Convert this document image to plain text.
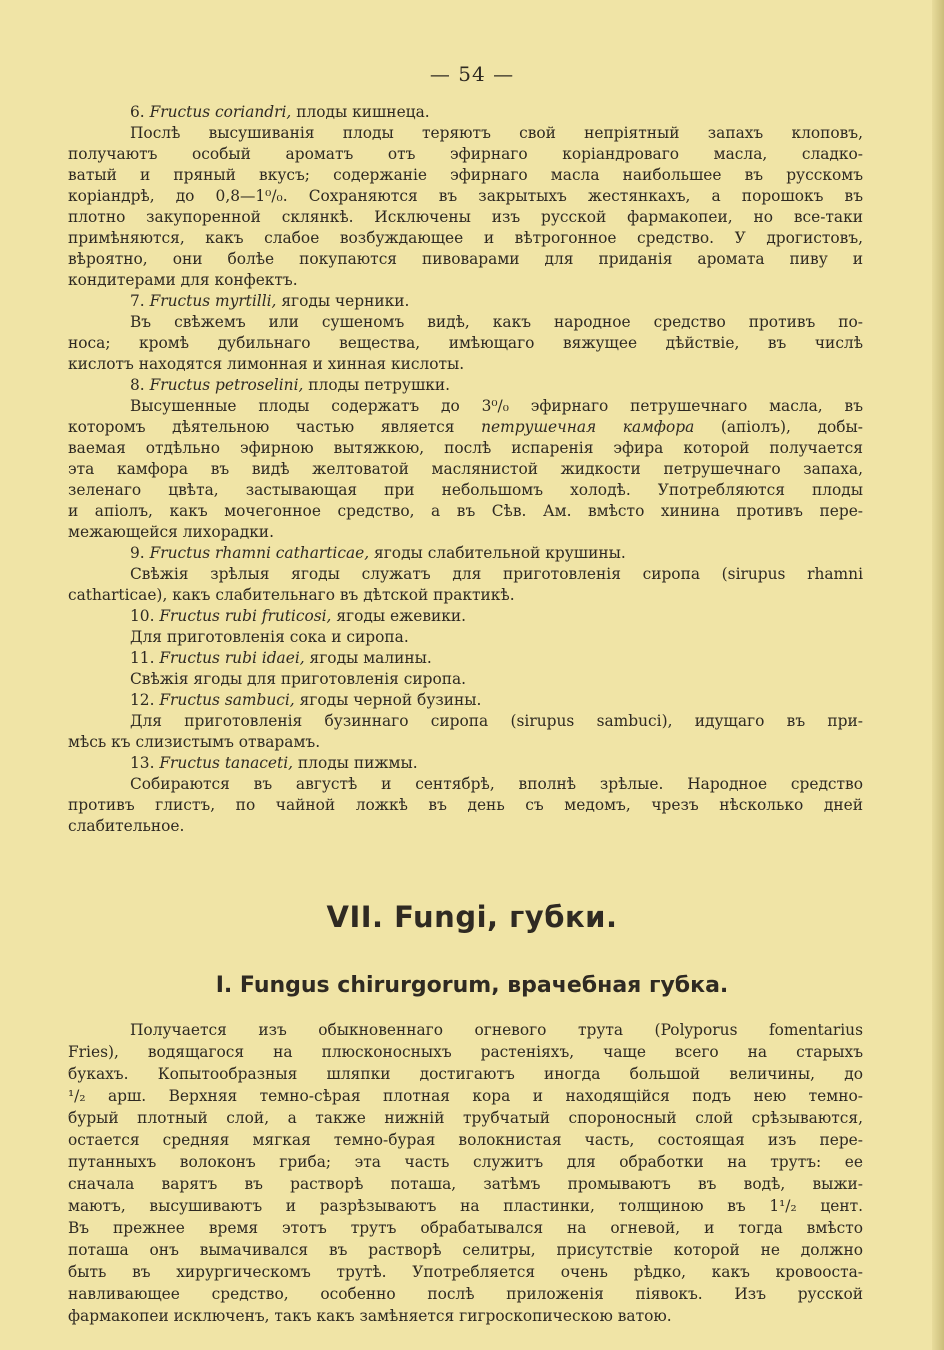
— 54 —
6. Fructus coriandri, плоды кишнеца.
Послѣ высушиванія плоды теряютъ свой непріятный запахъ клоповъ,
получаютъ особый ароматъ отъ эфирнаго коріандроваго масла, сладко-
ватый и пряный вкусъ; содержаніе эфирнаго масла наибольшее въ русскомъ
коріандрѣ, до 0,8—1⁰/₀. Сохраняются въ закрытыхъ жестянкахъ, а порошокъ въ
плотно закупоренной склянкѣ. Исключены изъ русской фармакопеи, но все-таки
примѣняются, какъ слабое возбуждающее и вѣтрогонное средство. У дрогистовъ,
вѣроятно, они болѣе покупаются пивоварами для приданія аромата пиву и
кондитерами для конфектъ.
7. Fructus myrtilli, ягоды черники.
Въ свѣжемъ или сушеномъ видѣ, какъ народное средство противъ по-
носа; кромѣ дубильнаго вещества, имѣющаго вяжущее дѣйствіе, въ числѣ
кислотъ находятся лимонная и хинная кислоты.
8. Fructus petroselini, плоды петрушки.
Высушенные плоды содержатъ до 3⁰/₀ эфирнаго петрушечнаго масла, въ
которомъ дѣятельною частью является петрушечная камфора (апіолъ), добы-
ваемая отдѣльно эфирною вытяжкою, послѣ испаренія эфира которой получается
эта камфора въ видѣ желтоватой маслянистой жидкости петрушечнаго запаха,
зеленаго цвѣта, застывающая при небольшомъ холодѣ. Употребляются плоды
и апіолъ, какъ мочегонное средство, а въ Сѣв. Ам. вмѣсто хинина противъ пере-
межающейся лихорадки.
9. Fructus rhamni catharticae, ягоды слабительной крушины.
Свѣжія зрѣлыя ягоды служатъ для приготовленія сиропа (sirupus rhamni
catharticae), какъ слабительнаго въ дѣтской практикѣ.
10. Fructus rubi fruticosi, ягоды ежевики.
Для приготовленія сока и сиропа.
11. Fructus rubi idaei, ягоды малины.
Свѣжія ягоды для приготовленія сиропа.
12. Fructus sambuci, ягоды черной бузины.
Для приготовленія бузиннаго сиропа (sirupus sambuci), идущаго въ при-
мѣсь къ слизистымъ отварамъ.
13. Fructus tanaceti, плоды пижмы.
Собираются въ августѣ и сентябрѣ, вполнѣ зрѣлые. Народное средство
противъ глистъ, по чайной ложкѣ въ день съ медомъ, чрезъ нѣсколько дней
слабительное.
VII. Fungi, губки.
I. Fungus chirurgorum, врачебная губка.
Получается изъ обыкновеннаго огневого трута (Polyporus fomentarius
Fries), водящагося на плюсконосныхъ растеніяхъ, чаще всего на старыхъ
букахъ. Копытообразныя шляпки достигаютъ иногда большой величины, до
¹/₂ арш. Верхняя темно-сѣрая плотная кора и находящійся подъ нею темно-
бурый плотный слой, а также нижній трубчатый спороносный слой срѣзываются,
остается средняя мягкая темно-бурая волокнистая часть, состоящая изъ пере-
путанныхъ волоконъ гриба; эта часть служитъ для обработки на трутъ: ее
сначала варятъ въ растворѣ поташа, затѣмъ промываютъ въ водѣ, выжи-
маютъ, высушиваютъ и разрѣзываютъ на пластинки, толщиною въ 1¹/₂ цент.
Въ прежнее время этотъ трутъ обрабатывался на огневой, и тогда вмѣсто
поташа онъ вымачивался въ растворѣ селитры, присутствіе которой не должно
быть въ хирургическомъ трутѣ. Употребляется очень рѣдко, какъ кровооста-
навливающее средство, особенно послѣ приложенія піявокъ. Изъ русской
фармакопеи исключенъ, такъ какъ замѣняется гигроскопическою ватою.
